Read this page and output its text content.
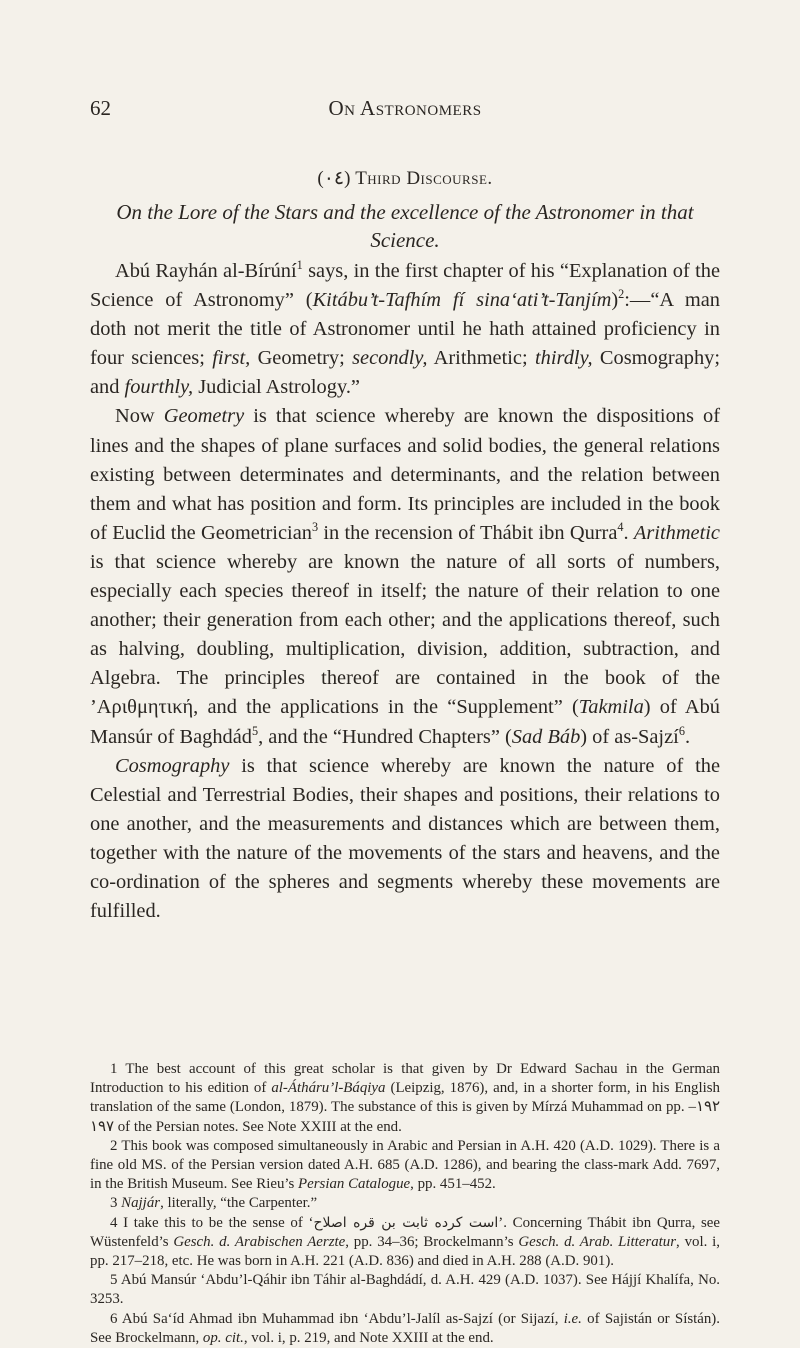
62	On Astronomers
(٠٤) Third Discourse.
On the Lore of the Stars and the excellence of the Astronomer in that Science.

Abú Rayhán al-Bírúní$^1$ says, in the first chapter of his “Explanation of the Science of Astronomy” (Kitábu’t-Tafhím fí sina‘ati’t-Tanjím)$^2$:—“A man doth not merit the title of Astronomer until he hath attained proficiency in four sciences; first, Geometry; secondly, Arithmetic; thirdly, Cosmography; and fourthly, Judicial Astrology.”

Now Geometry is that science whereby are known the dispositions of lines and the shapes of plane surfaces and solid bodies, the general relations existing between determinates and determinants, and the relation between them and what has position and form. Its principles are included in the book of Euclid the Geometrician$^3$ in the recension of Thábit ibn Qurra$^4$. Arithmetic is that science whereby are known the nature of all sorts of numbers, especially each species thereof in itself; the nature of their relation to one another; their generation from each other; and the applications thereof, such as halving, doubling, multiplication, division, addition, subtraction, and Algebra. The principles thereof are contained in the book of the ’Αριθμητική, and the applications in the “Supplement” (Takmila) of Abú Mansúr of Baghdád$^5$, and the “Hundred Chapters” (Sad Báb) of as-Sajzí$^6$.

Cosmography is that science whereby are known the nature of the Celestial and Terrestrial Bodies, their shapes and positions, their relations to one another, and the measurements and distances which are between them, together with the nature of the movements of the stars and heavens, and the co-ordination of the spheres and segments whereby these movements are fulfilled.

1 The best account of this great scholar is that given by Dr Edward Sachau in the German Introduction to his edition of al-Átháru’l-Báqiya (Leipzig, 1876), and, in a shorter form, in his English translation of the same (London, 1879). The substance of this is given by Mírzá Muhammad on pp. ١٩٢–١٩٧ of the Persian notes. See Note XXIII at the end.

2 This book was composed simultaneously in Arabic and Persian in A.H. 420 (A.D. 1029). There is a fine old MS. of the Persian version dated A.H. 685 (A.D. 1286), and bearing the class-mark Add. 7697, in the British Museum. See Rieu’s Persian Catalogue, pp. 451–452.

3 Najjár, literally, “the Carpenter.”

4 I take this to be the sense of ‘است کرده ثابت بن قره اصلاح’. Concerning Thábit ibn Qurra, see Wüstenfeld’s Gesch. d. Arabischen Aerzte, pp. 34–36; Brockelmann’s Gesch. d. Arab. Litteratur, vol. i, pp. 217–218, etc. He was born in A.H. 221 (A.D. 836) and died in A.H. 288 (A.D. 901).

5 Abú Mansúr ‘Abdu’l-Qáhir ibn Táhir al-Baghdádí, d. A.H. 429 (A.D. 1037). See Hájjí Khalífa, No. 3253.

6 Abú Sa‘íd Ahmad ibn Muhammad ibn ‘Abdu’l-Jalíl as-Sajzí (or Sijazí, i.e. of Sajistán or Sístán). See Brockelmann, op. cit., vol. i, p. 219, and Note XXIII at the end.
